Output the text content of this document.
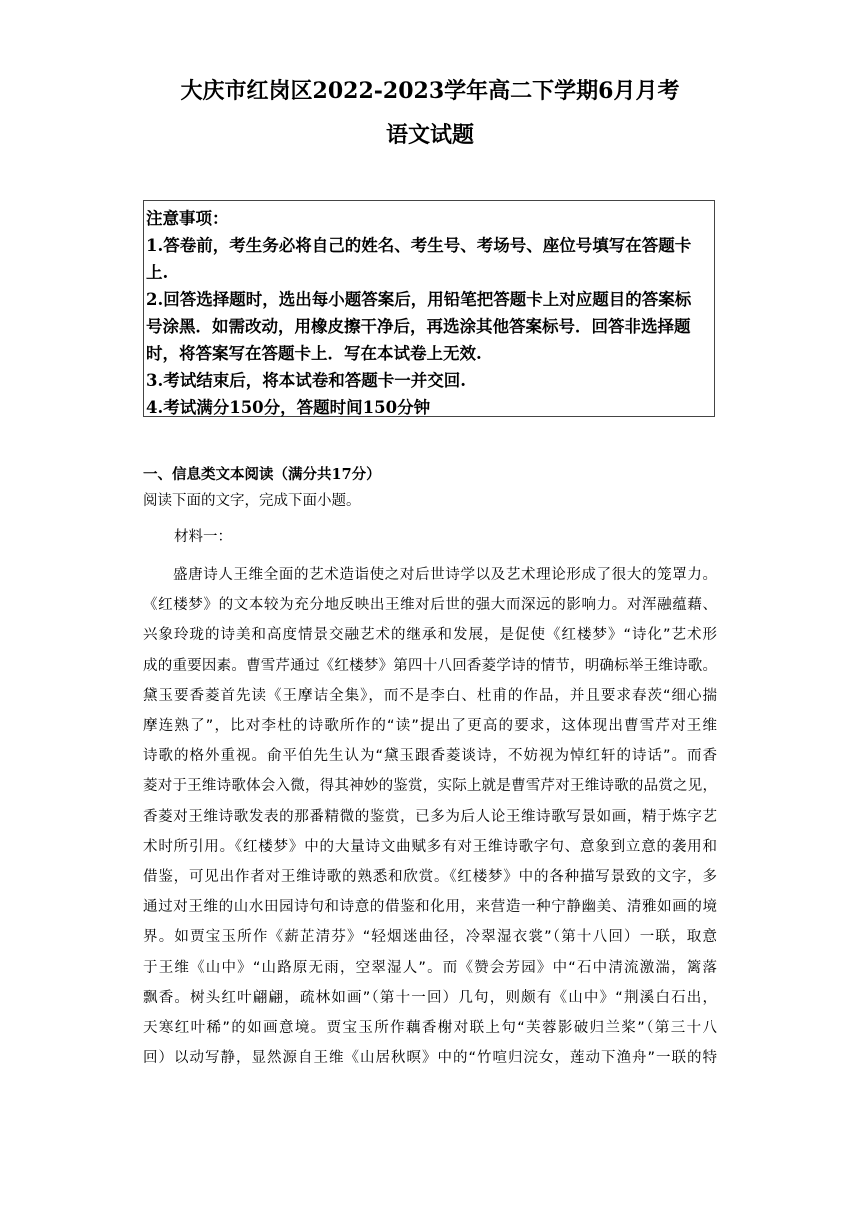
大庆市红岗区2022-2023学年高二下学期6月月考
语文试题
注意事项：
1.答卷前，考生务必将自己的姓名、考生号、考场号、座位号填写在答题卡
上.
2.回答选择题时，选出每小题答案后，用铅笔把答题卡上对应题目的答案标
号涂黑．如需改动，用橡皮擦干净后，再选涂其他答案标号．回答非选择题
时，将答案写在答题卡上．写在本试卷上无效.
3.考试结束后，将本试卷和答题卡一并交回.
4.考试满分150分，答题时间150分钟
一、信息类文本阅读（满分共17分）
阅读下面的文字，完成下面小题。
材料一：
盛唐诗人王维全面的艺术造诣使之对后世诗学以及艺术理论形成了很大的笼罩力。
《红楼梦》的文本较为充分地反映出王维对后世的强大而深远的影响力。对浑融蕴藉、
兴象玲珑的诗美和高度情景交融艺术的继承和发展，是促使《红楼梦》“诗化”艺术形
成的重要因素。曹雪芹通过《红楼梦》第四十八回香菱学诗的情节，明确标举王维诗歌。
黛玉要香菱首先读《王摩诘全集》，而不是李白、杜甫的作品，并且要求春茨“细心揣
摩连熟了”，比对李杜的诗歌所作的“读”提出了更高的要求，这体现出曹雪芹对王维
诗歌的格外重视。俞平伯先生认为“黛玉跟香菱谈诗，不妨视为悼红轩的诗话”。而香
菱对于王维诗歌体会入微，得其神妙的鉴赏，实际上就是曹雪芹对王维诗歌的品赏之见，
香菱对王维诗歌发表的那番精微的鉴赏，已多为后人论王维诗歌写景如画，精于炼字艺
术时所引用。《红楼梦》中的大量诗文曲赋多有对王维诗歌字句、意象到立意的袭用和
借鉴，可见出作者对王维诗歌的熟悉和欣赏。《红楼梦》中的各种描写景致的文字，多
通过对王维的山水田园诗句和诗意的借鉴和化用，来营造一种宁静幽美、清雅如画的境
界。如贾宝玉所作《薪芷清芬》“轻烟迷曲径，冷翠湿衣裳”（第十八回）一联，取意
于王维《山中》“山路原无雨，空翠湿人”。而《赞会芳园》中“石中清流激湍，篱落
飘香。树头红叶翩翩，疏林如画”（第十一回）几句，则颇有《山中》“荆溪白石出，
天寒红叶稀”的如画意境。贾宝玉所作藕香榭对联上句“芙蓉影破归兰桨”（第三十八
回）以动写静，显然源自王维《山居秋暝》中的“竹喧归浣女，莲动下渔舟”一联的特
